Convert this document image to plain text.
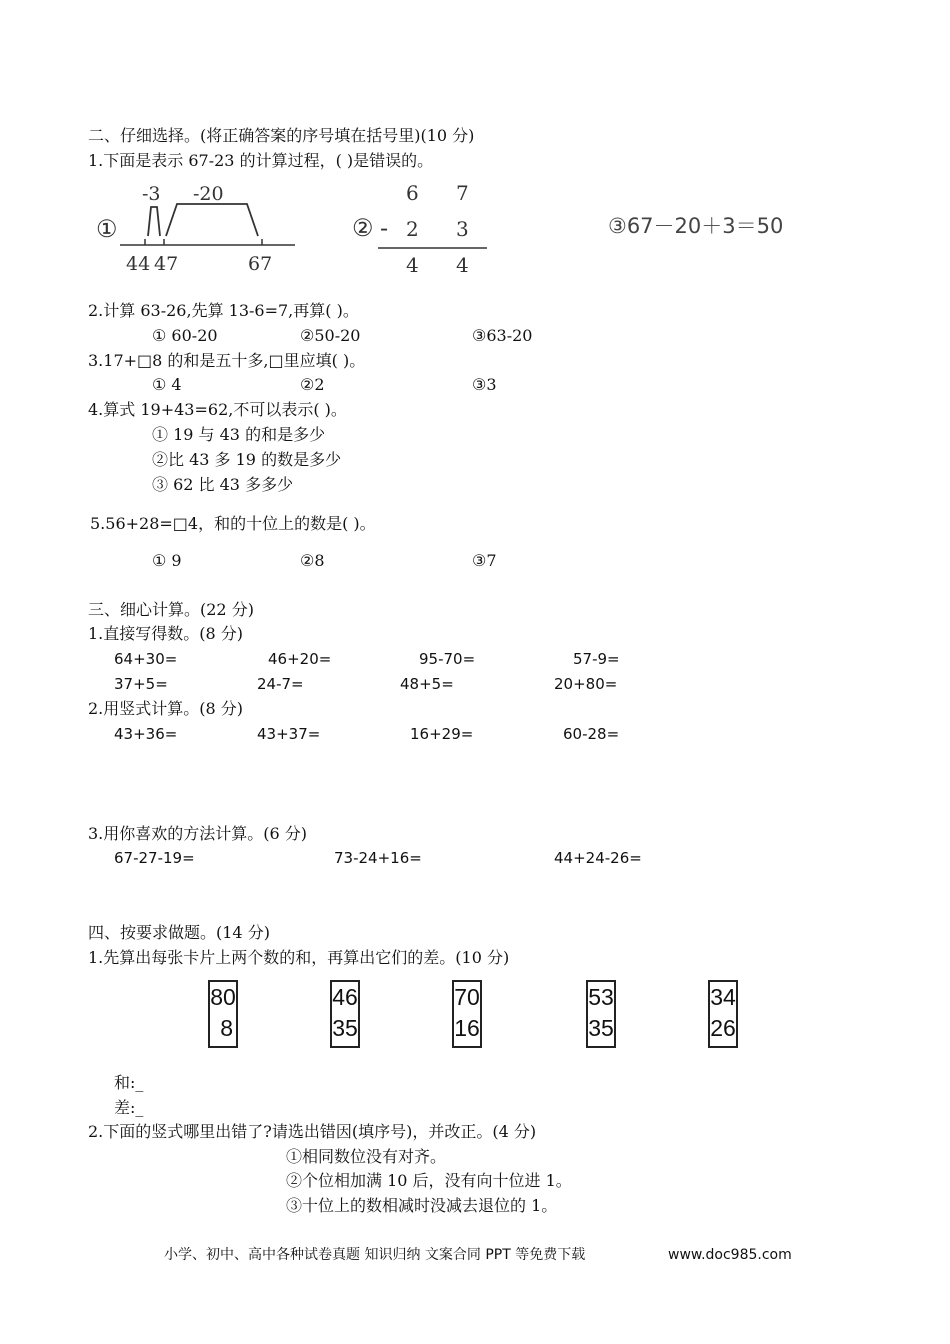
二、仔细选择。(将正确答案的序号填在括号里)(10 分)
1.下面是表示 67-23 的计算过程，( )是错误的。
①
-3 -20
44 47	67
6 7
② - 2 3
4 4
③67－20＋3＝50
2.计算 63-26,先算 13-6=7,再算( )。
① 60-20	②50-20	③63-20
3.17+□8 的和是五十多,□里应填( )。
① 4	②2	③3
4.算式 19+43=62,不可以表示( )。
① 19 与 43 的和是多少
②比 43 多 19 的数是多少
③ 62 比 43 多多少
5.56+28=□4，和的十位上的数是( )。
① 9	②8	③7
三、细心计算。(22 分)
1.直接写得数。(8 分)
64+30=	46+20=	95-70=	57-9=
37+5=	24-7=	48+5=	20+80=
2.用竖式计算。(8 分)
43+36=	43+37=	16+29=	60-28=
3.用你喜欢的方法计算。(6 分)
67-27-19=	73-24+16=	44+24-26=
四、按要求做题。(14 分)
1.先算出每张卡片上两个数的和，再算出它们的差。(10 分)
80
8
46
35
70
16
53
35
34
26
和:_
差:_
2.下面的竖式哪里出错了?请选出错因(填序号)，并改正。(4 分)
①相同数位没有对齐。
②个位相加满 10 后，没有向十位进 1。
③十位上的数相减时没减去退位的 1。
小学、初中、高中各种试卷真题 知识归纳 文案合同 PPT 等免费下载	www.doc985.com
